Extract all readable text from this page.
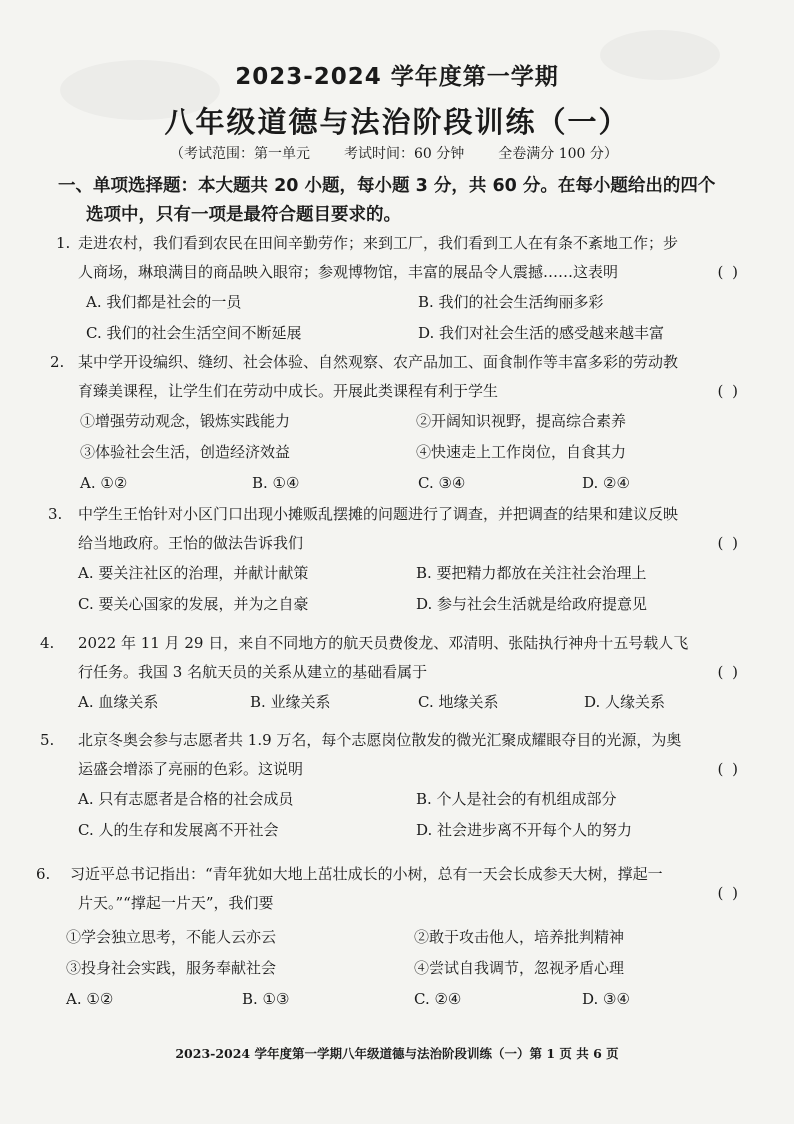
2023-2024 学年度第一学期
八年级道德与法治阶段训练（一）
（考试范围：第一单元 考试时间：60 分钟 全卷满分 100 分）
一、单项选择题：本大题共 20 小题，每小题 3 分，共 60 分。在每小题给出的四个
选项中，只有一项是最符合题目要求的。
1. 走进农村，我们看到农民在田间辛勤劳作；来到工厂，我们看到工人在有条不紊地工作；步
人商场，琳琅满目的商品映入眼帘；参观博物馆，丰富的展品令人震撼……这表明	( )
A. 我们都是社会的一员	B. 我们的社会生活绚丽多彩
C. 我们的社会生活空间不断延展	D. 我们对社会生活的感受越来越丰富
2. 某中学开设编织、缝纫、社会体验、自然观察、农产品加工、面食制作等丰富多彩的劳动教
育臻美课程，让学生们在劳动中成长。开展此类课程有利于学生	( )
①增强劳动观念，锻炼实践能力	②开阔知识视野，提高综合素养
③体验社会生活，创造经济效益	④快速走上工作岗位，自食其力
A. ①②	B. ①④	C. ③④	D. ②④
3.	中学生王怡针对小区门口出现小摊贩乱摆摊的问题进行了调查，并把调查的结果和建议反映
给当地政府。王怡的做法告诉我们	( )
A. 要关注社区的治理，并献计献策	B. 要把精力都放在关注社会治理上
C. 要关心国家的发展，并为之自豪	D. 参与社会生活就是给政府提意见
4.	2022 年 11 月 29 日，来自不同地方的航天员费俊龙、邓清明、张陆执行神舟十五号载人飞
行任务。我国 3 名航天员的关系从建立的基础看属于	( )
A. 血缘关系	B. 业缘关系	C. 地缘关系	D. 人缘关系
5.	北京冬奥会参与志愿者共 1.9 万名，每个志愿岗位散发的微光汇聚成耀眼夺目的光源，为奥
运盛会增添了亮丽的色彩。这说明	( )
A. 只有志愿者是合格的社会成员	B. 个人是社会的有机组成部分
C. 人的生存和发展离不开社会	D. 社会进步离不开每个人的努力
6.	习近平总书记指出：“青年犹如大地上茁壮成长的小树，总有一天会长成参天大树，撑起一
片天。”“撑起一片天”，我们要
( )
①学会独立思考，不能人云亦云	②敢于攻击他人，培养批判精神
③投身社会实践，服务奉献社会	④尝试自我调节，忽视矛盾心理
A. ①②	B. ①③	C. ②④	D. ③④
2023-2024 学年度第一学期八年级道德与法治阶段训练（一）第 1 页 共 6 页
